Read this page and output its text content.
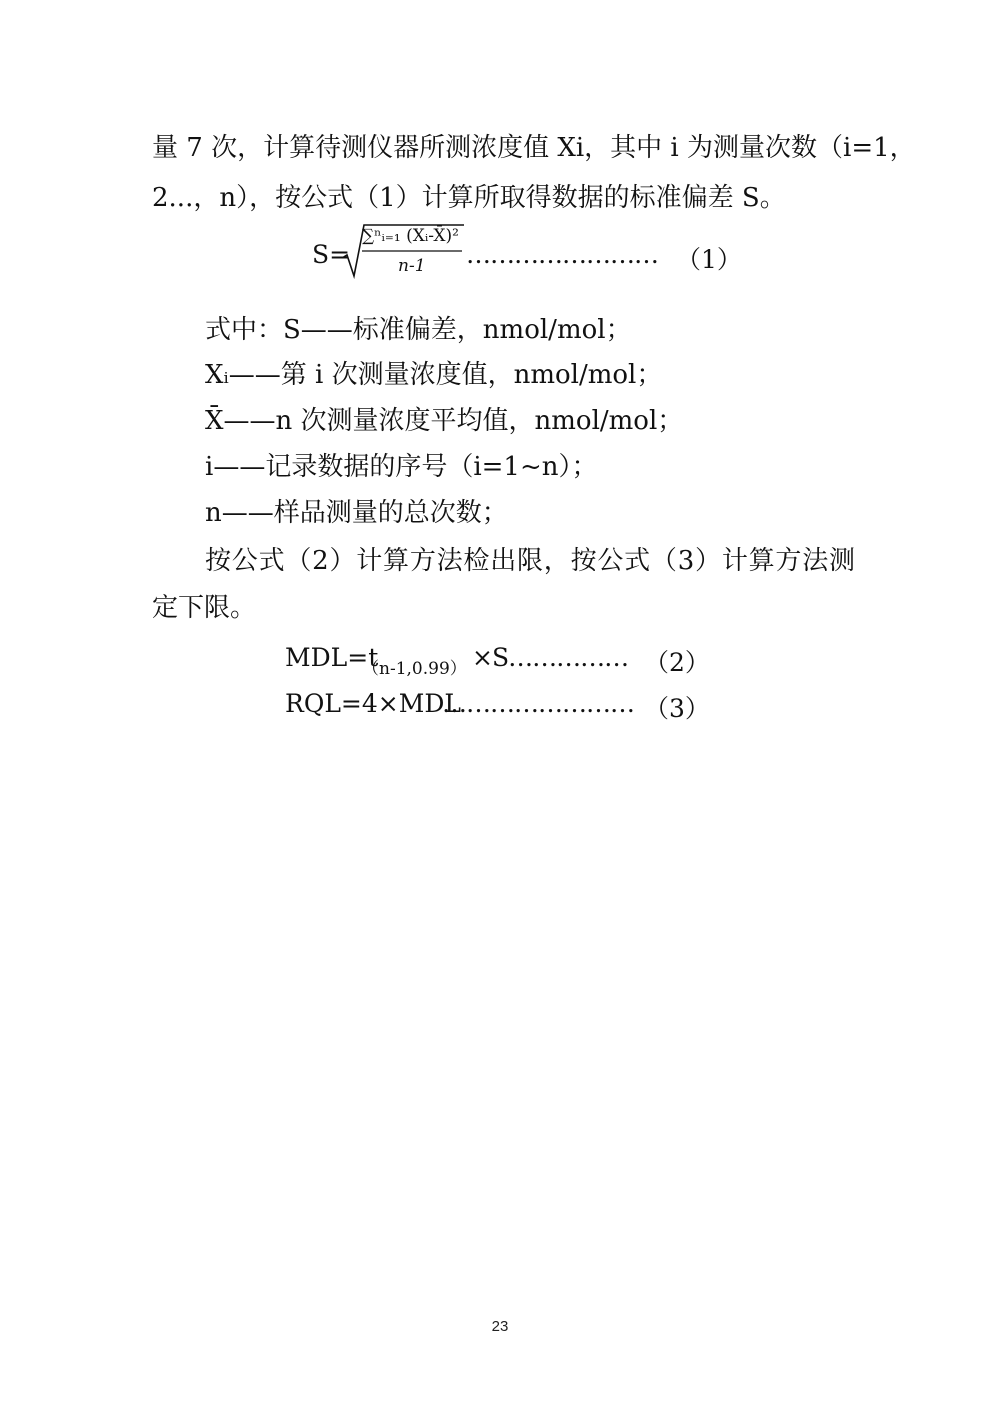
量 7 次，计算待测仪器所测浓度值 Xi，其中 i 为测量次数（i=1，
2...，n），按公式（1）计算所取得数据的标准偏差 S。
S=
∑ⁿᵢ₌₁ (Xᵢ-X̄)²
n-1 …………………… （1）
式中：S——标准偏差，nmol/mol；
Xᵢ——第 i 次测量浓度值，nmol/mol；
X̄——n 次测量浓度平均值，nmol/mol；
i——记录数据的序号（i=1~n）；
n——样品测量的总次数；
按公式（2）计算方法检出限，按公式（3）计算方法测
定下限。
MDL=t
（n-1,0.99） ×S…………… （2）
RQL=4×MDL
…………………… （3）
23
